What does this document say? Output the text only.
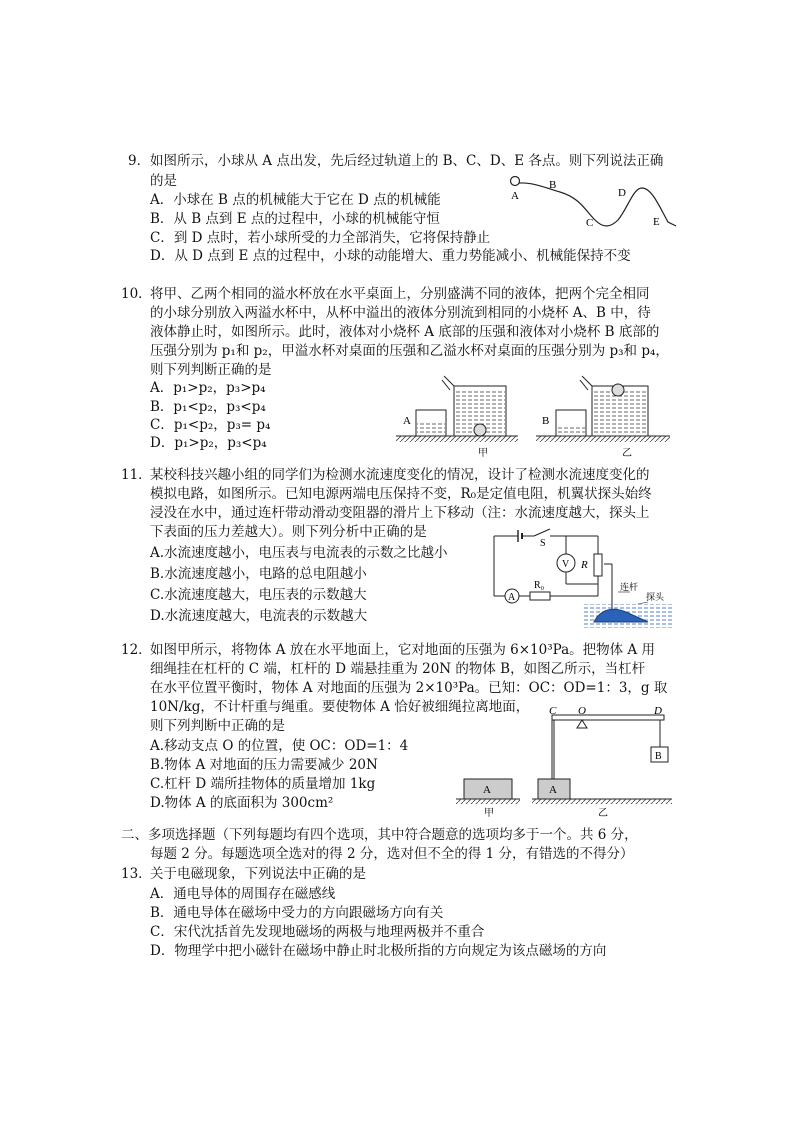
9． 如图所示，小球从 A 点出发，先后经过轨道上的 B、C、D、E 各点。则下列说法正确
的是
A．小球在 B 点的机械能大于它在 D 点的机械能
B．从 B 点到 E 点的过程中，小球的机械能守恒
C．到 D 点时，若小球所受的力全部消失，它将保持静止
D．从 D 点到 E 点的过程中，小球的动能增大、重力势能减小、机械能保持不变
A
B
C
D
E
10．
将甲、乙两个相同的溢水杯放在水平桌面上，分别盛满不同的液体，把两个完全相同
的小球分别放入两溢水杯中，从杯中溢出的液体分别流到相同的小烧杯 A、B 中，待
液体静止时，如图所示。此时，液体对小烧杯 A 底部的压强和液体对小烧杯 B 底部的
压强分别为 p₁和 p₂，甲溢水杯对桌面的压强和乙溢水杯对桌面的压强分别为 p₃和 p₄，
则下列判断正确的是
A．p₁>p₂，p₃>p₄
B．p₁<p₂，p₃<p₄
C．p₁<p₂，p₃= p₄
D．p₁>p₂，p₃<p₄
A
甲
B
乙
11．
某校科技兴趣小组的同学们为检测水流速度变化的情况，设计了检测水流速度变化的
模拟电路，如图所示。已知电源两端电压保持不变，R₀是定值电阻，机翼状探头始终
浸没在水中，通过连杆带动滑动变阻器的滑片上下移动（注：水流速度越大，探头上
下表面的压力差越大）。则下列分析中正确的是
A.水流速度越小，电压表与电流表的示数之比越小
B.水流速度越小，电路的总电阻越小
C.水流速度越大，电压表的示数越大
D.水流速度越大，电流表的示数越大
S
A
R₀
R
V
连杆
探头
12．
如图甲所示，将物体 A 放在水平地面上，它对地面的压强为 6×10³Pa。把物体 A 用
细绳挂在杠杆的 C 端，杠杆的 D 端悬挂重为 20N 的物体 B，如图乙所示，当杠杆
在水平位置平衡时，物体 A 对地面的压强为 2×10³Pa。已知：OC：OD=1：3，g 取
10N/kg，不计杆重与绳重。要使物体 A 恰好被细绳拉离地面，
则下列判断中正确的是
A.移动支点 O 的位置，使 OC：OD=1：4
B.物体 A 对地面的压力需要减少 20N
C.杠杆 D 端所挂物体的质量增加 1kg
D.物体 A 的底面积为 300cm²
A
甲
C O	D
A
B
乙
二、多项选择题（下列每题均有四个选项，其中符合题意的选项均多于一个。共 6 分，
每题 2 分。每题选项全选对的得 2 分，选对但不全的得 1 分，有错选的不得分）
13．
关于电磁现象，下列说法中正确的是
A．通电导体的周围存在磁感线
B．通电导体在磁场中受力的方向跟磁场方向有关
C．宋代沈括首先发现地磁场的两极与地理两极并不重合
D．物理学中把小磁针在磁场中静止时北极所指的方向规定为该点磁场的方向
